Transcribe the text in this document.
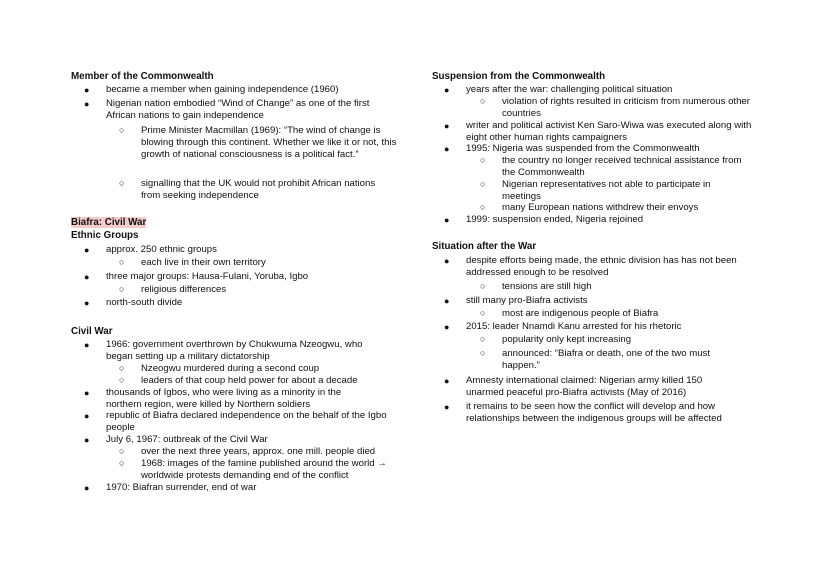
Member of the Commonwealth
● became a member when gaining independence (1960)
● Nigerian nation embodied “Wind of Change” as one of the first African nations to gain independence
○ Prime Minister Macmillan (1969): “The wind of change is blowing through this continent. Whether we like it or not, this growth of national consciousness is a political fact.”
○ signalling that the UK would not prohibit African nations from seeking independence
Biafra: Civil War
Ethnic Groups
● approx. 250 ethnic groups
○ each live in their own territory
● three major groups: Hausa-Fulani, Yoruba, Igbo
○ religious differences
● north-south divide
Civil War
● 1966: government overthrown by Chukwuma Nzeogwu, who began setting up a military dictatorship
○ Nzeogwu murdered during a second coup
○ leaders of that coup held power for about a decade
● thousands of Igbos, who were living as a minority in the northern region, were killed by Northern soldiers
● republic of Biafra declared independence on the behalf of the Igbo people
● July 6, 1967: outbreak of the Civil War
○ over the next three years, approx. one mill. people died
○ 1968: images of the famine published around the world → worldwide protests demanding end of the conflict
● 1970: Biafran surrender, end of war
Suspension from the Commonwealth
● years after the war: challenging political situation
○ violation of rights resulted in criticism from numerous other countries
● writer and political activist Ken Saro-Wiwa was executed along with eight other human rights campaigners
● 1995: Nigeria was suspended from the Commonwealth
○ the country no longer received technical assistance from the Commonwealth
○ Nigerian representatives not able to participate in meetings
○ many European nations withdrew their envoys
● 1999: suspension ended, Nigeria rejoined
Situation after the War
● despite efforts being made, the ethnic division has has not been addressed enough to be resolved
○ tensions are still high
● still many pro-Biafra activists
○ most are indigenous people of Biafra
● 2015: leader Nnamdi Kanu arrested for his rhetoric
○ popularity only kept increasing
○ announced: “Biafra or death, one of the two must happen.”
● Amnesty international claimed: Nigerian army killed 150 unarmed peaceful pro-Biafra activists (May of 2016)
● it remains to be seen how the conflict will develop and how relationships between the indigenous groups will be affected
